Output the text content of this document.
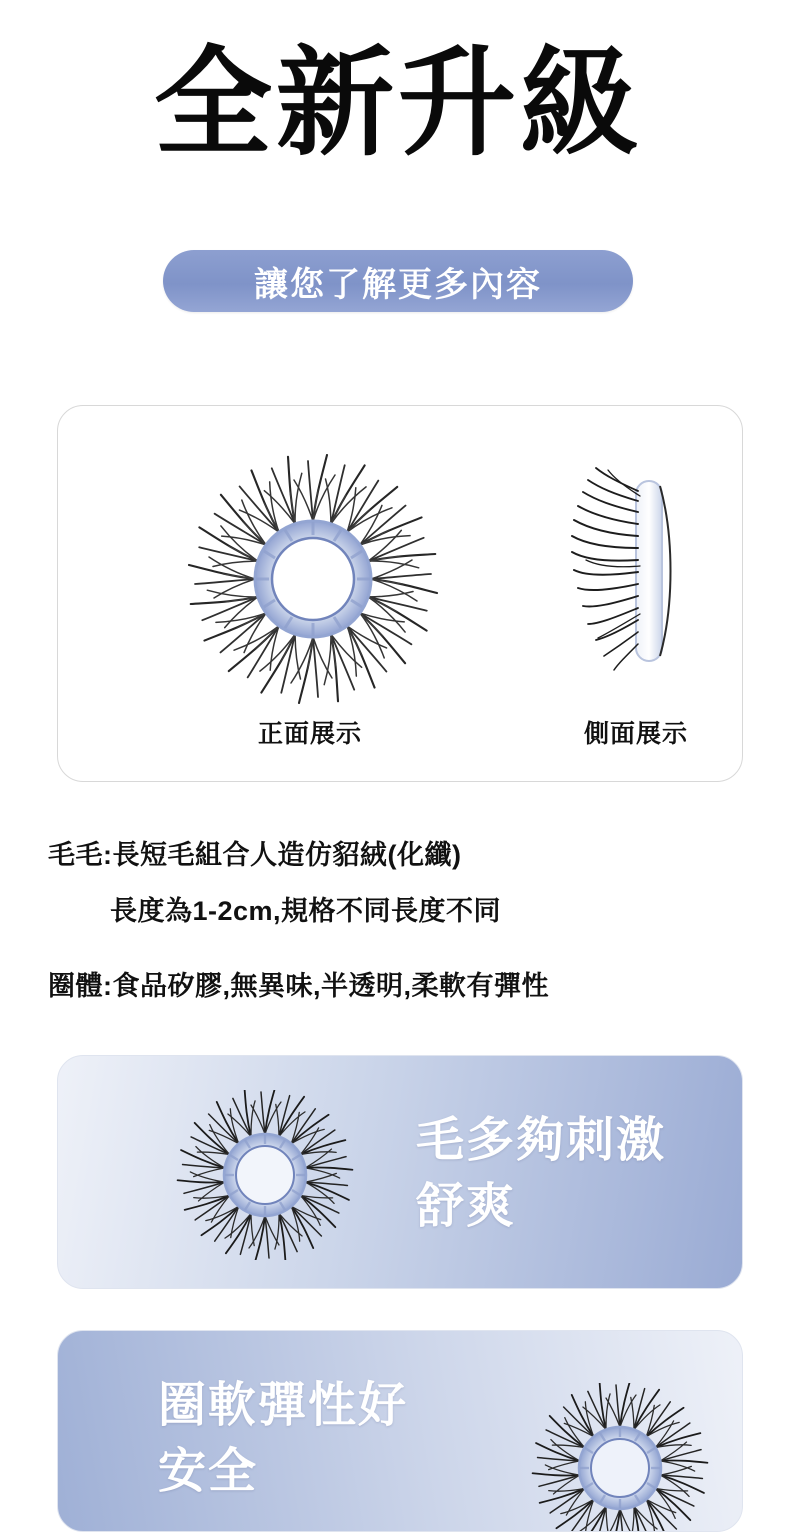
全新升級
讓您了解更多內容
正面展示	側面展示
毛毛:長短毛組合人造仿貂絨(化纖)
長度為1-2cm,規格不同長度不同
圈體:食品矽膠,無異味,半透明,柔軟有彈性
毛多夠刺激
舒爽
圈軟彈性好
安全
